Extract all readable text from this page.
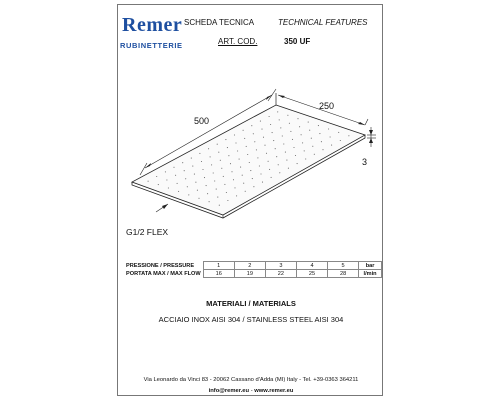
Remer
RUBINETTERIE
SCHEDA TECNICA	TECHNICAL FEATURES
ART. COD.	350 UF
500
250
3
G1/2 FLEX
PRESSIONE / PRESSURE	1	2	3	4	5	bar
PORTATA MAX / MAX FLOW	16	19	22	25	28	l/min
MATERIALI / MATERIALS
ACCIAIO INOX AISI 304 / STAINLESS STEEL AISI 304
Via Leonardo da Vinci 83 - 20062 Cassano d'Adda (MI) Italy - Tel. +39-0363 364211
info@remer.eu - www.remer.eu
